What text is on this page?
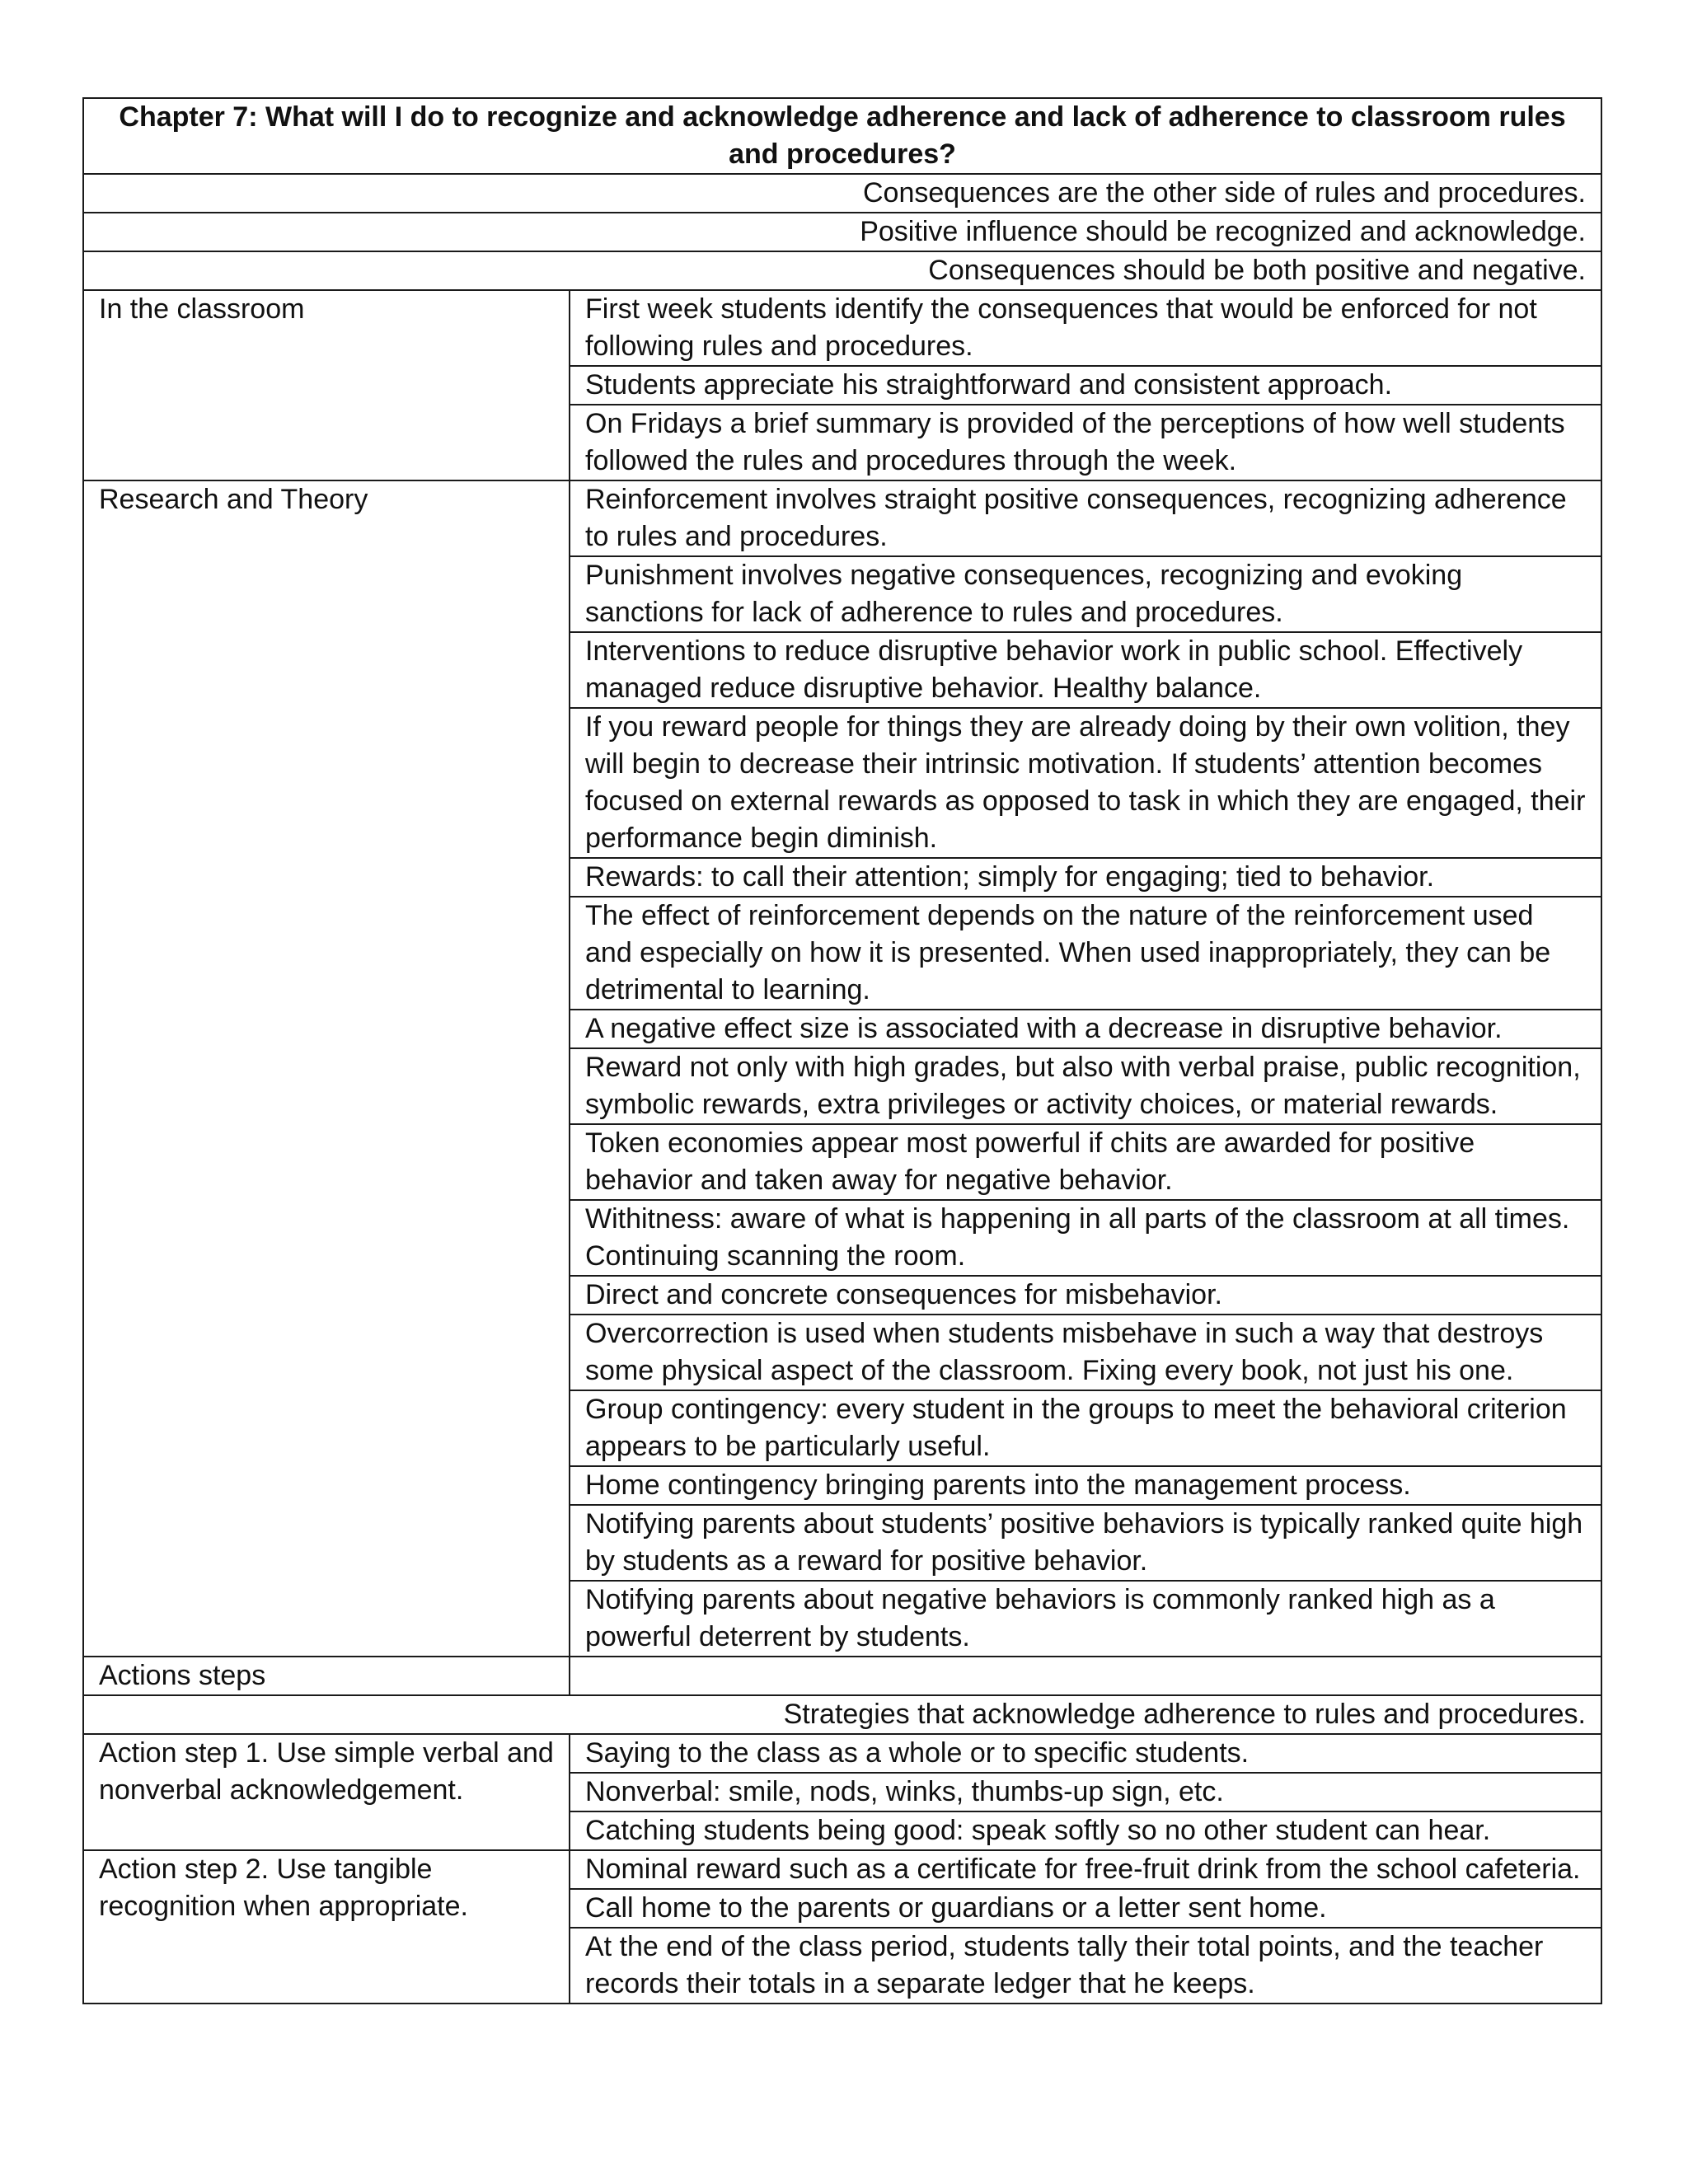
Chapter 7: What will I do to recognize and acknowledge adherence and lack of adherence to classroom rules and procedures?	
Consequences are the other side of rules and procedures.	
Positive influence should be recognized and acknowledge.	
Consequences should be both positive and negative.	
In the classroom	First week students identify the consequences that would be enforced for not following rules and procedures.
	Students appreciate his straightforward and consistent approach.
	On Fridays a brief summary is provided of the perceptions of how well students followed the rules and procedures through the week.
Research and Theory	Reinforcement involves straight positive consequences, recognizing adherence to rules and procedures.
	Punishment involves negative consequences, recognizing and evoking sanctions for lack of adherence to rules and procedures.
	Interventions to reduce disruptive behavior work in public school. Effectively managed reduce disruptive behavior. Healthy balance.
	If you reward people for things they are already doing by their own volition, they will begin to decrease their intrinsic motivation. If students’ attention becomes focused on external rewards as opposed to task in which they are engaged, their performance begin diminish.
	Rewards: to call their attention; simply for engaging; tied to behavior.
	The effect of reinforcement depends on the nature of the reinforcement used and especially on how it is presented. When used inappropriately, they can be detrimental to learning.
	A negative effect size is associated with a decrease in disruptive behavior.
	Reward not only with high grades, but also with verbal praise, public recognition, symbolic rewards, extra privileges or activity choices, or material rewards.
	Token economies appear most powerful if chits are awarded for positive behavior and taken away for negative behavior.
	Withitness: aware of what is happening in all parts of the classroom at all times. Continuing scanning the room.
	Direct and concrete consequences for misbehavior.
	Overcorrection is used when students misbehave in such a way that destroys some physical aspect of the classroom. Fixing every book, not just his one.
	Group contingency: every student in the groups to meet the behavioral criterion appears to be particularly useful.
	Home contingency bringing parents into the management process.
	Notifying parents about students’ positive behaviors is typically ranked quite high by students as a reward for positive behavior.
	Notifying parents about negative behaviors is commonly ranked high as a powerful deterrent by students.
Actions steps	
Strategies that acknowledge adherence to rules and procedures.	
Action step 1. Use simple verbal and nonverbal acknowledgement.	Saying to the class as a whole or to specific students.
	Nonverbal: smile, nods, winks, thumbs-up sign, etc.
	Catching students being good: speak softly so no other student can hear.
Action step 2. Use tangible recognition when appropriate.	Nominal reward such as a certificate for free-fruit drink from the school cafeteria.
	Call home to the parents or guardians or a letter sent home.
	At the end of the class period, students tally their total points, and the teacher records their totals in a separate ledger that he keeps.
